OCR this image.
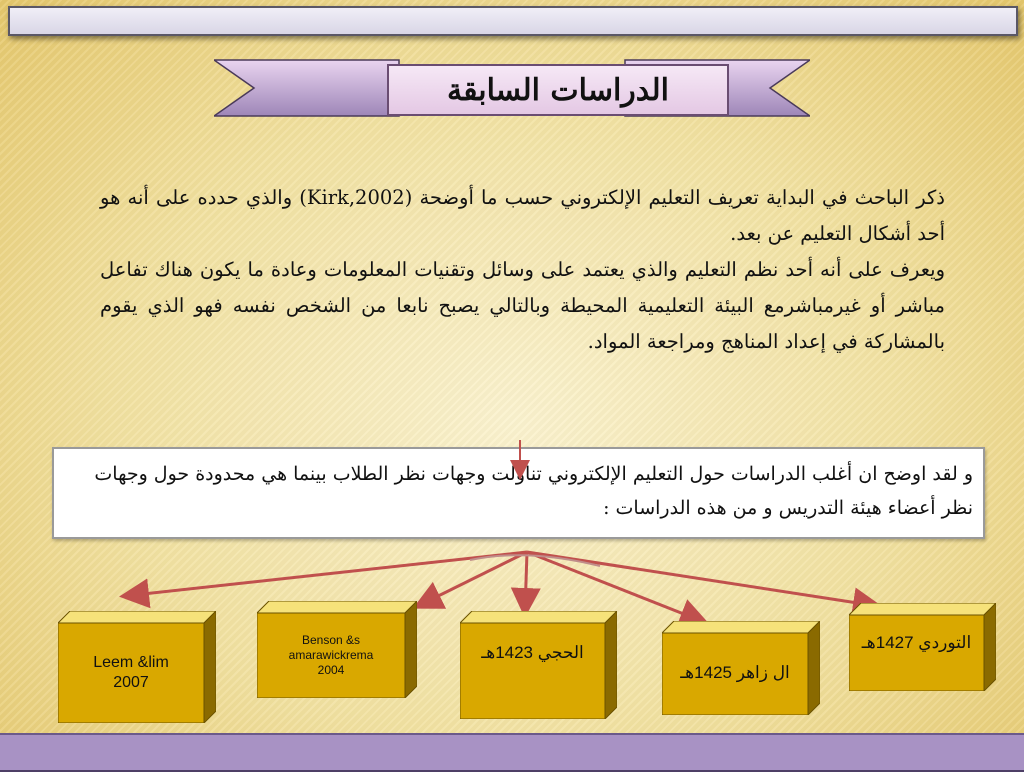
الدراسات السابقة

ذكر الباحث في البداية تعريف التعليم الإلكتروني حسب ما أوضحة (Kirk,2002) والذي حدده على أنه هو أحد أشكال التعليم عن بعد.

ويعرف على أنه أحد نظم التعليم والذي يعتمد على وسائل وتقنيات المعلومات وعادة ما يكون هناك تفاعل مباشر أو غيرمباشرمع البيئة التعليمية المحيطة وبالتالي يصبح نابعا من الشخص نفسه فهو الذي يقوم بالمشاركة في إعداد المناهج ومراجعة المواد.

و لقد اوضح ان أغلب الدراسات حول التعليم الإلكتروني تناولت وجهات نظر الطلاب بينما هي محدودة حول وجهات نظر أعضاء هيئة التدريس و من هذه الدراسات :
Leem &lim
2007
Benson &s
amarawickrema
2004
الحجي 1423هـ
ال زاهر 1425هـ
التوردي 1427هـ
